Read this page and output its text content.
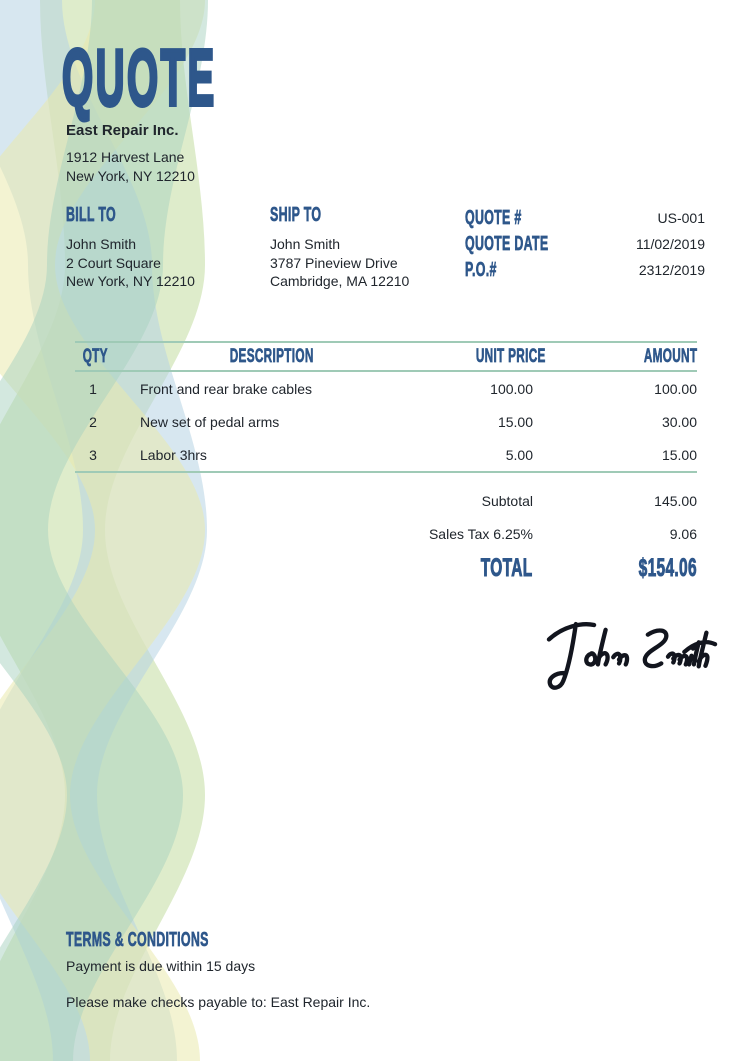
QUOTE
East Repair Inc.
1912 Harvest Lane
New York, NY 12210
BILL TO
John Smith
2 Court Square
New York, NY 12210
SHIP TO
John Smith
3787 Pineview Drive
Cambridge, MA 12210
QUOTE #	US-001
QUOTE DATE	11/02/2019
P.O.#	2312/2019
QTY	DESCRIPTION	UNIT PRICE	AMOUNT
1	Front and rear brake cables	100.00	100.00
2	New set of pedal arms	15.00	30.00
3	Labor 3hrs	5.00	15.00
Subtotal	145.00
Sales Tax 6.25%	9.06
TOTAL	$154.06
TERMS & CONDITIONS
Payment is due within 15 days
Please make checks payable to: East Repair Inc.
